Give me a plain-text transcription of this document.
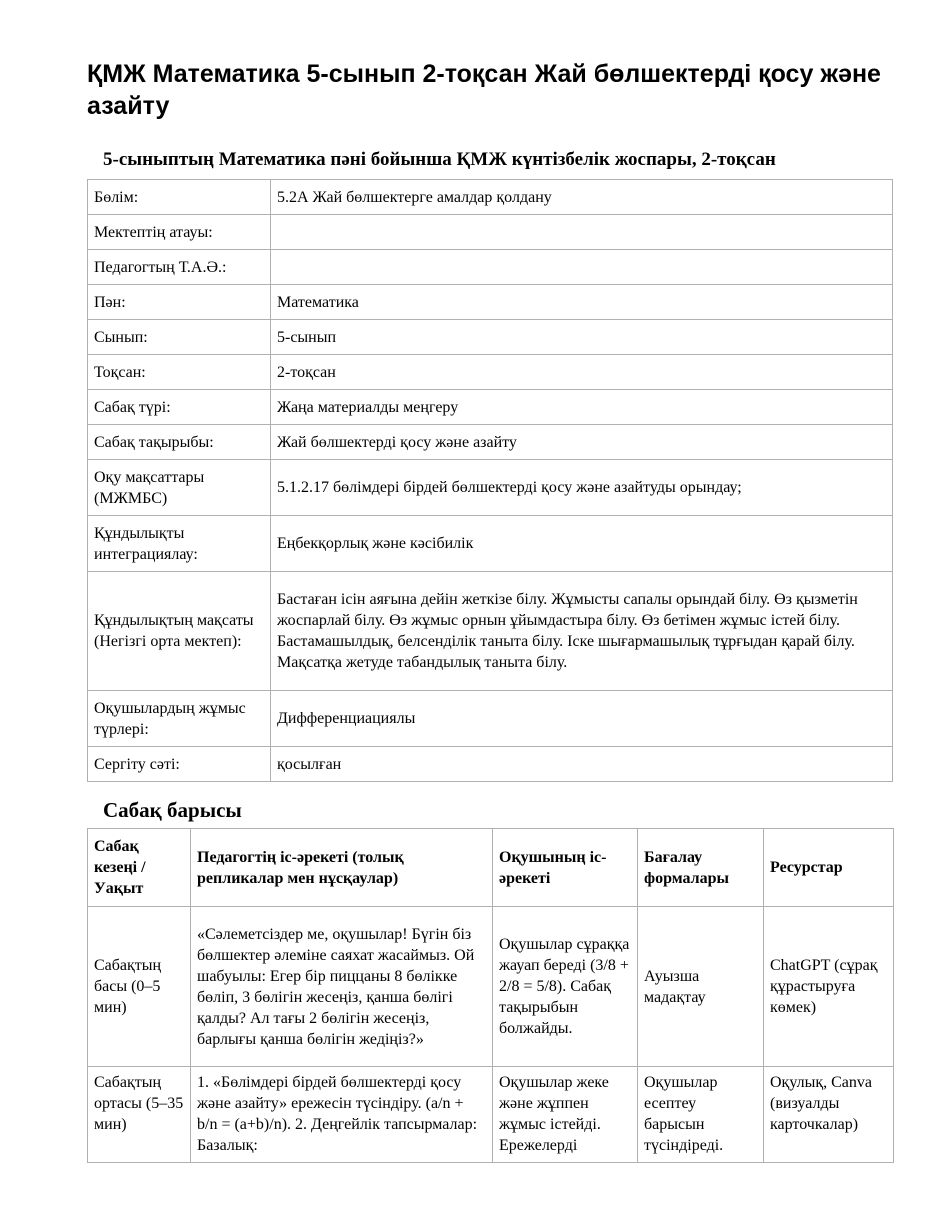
ҚМЖ Математика 5-сынып 2-тоқсан Жай бөлшектерді қосу және азайту

5-сыныптың Математика пәні бойынша ҚМЖ күнтізбелік жоспары, 2-тоқсан

Бөлім:	5.2А Жай бөлшектерге амалдар қолдану
Мектептің атауы:	
Педагогтың Т.А.Ә.:	
Пән:	Математика
Сынып:	5-сынып
Тоқсан:	2-тоқсан
Сабақ түрі:	Жаңа материалды меңгеру
Сабақ тақырыбы:	Жай бөлшектерді қосу және азайту
Оқу мақсаттары (МЖМБС)	5.1.2.17 бөлімдері бірдей бөлшектерді қосу және азайтуды орындау;
Құндылықты интеграциялау:	Еңбекқорлық және кәсібилік
Құндылықтың мақсаты (Негізгі орта мектеп):	Бастаған ісін аяғына дейін жеткізе білу. Жұмысты сапалы орындай білу. Өз қызметін жоспарлай білу. Өз жұмыс орнын ұйымдастыра білу. Өз бетімен жұмыс істей білу. Бастамашылдық, белсенділік таныта білу. Іске шығармашылық тұрғыдан қарай білу. Мақсатқа жетуде табандылық таныта білу.
Оқушылардың жұмыс түрлері:	Дифференциациялы
Сергіту сәті:	қосылған

Сабақ барысы

Сабақ кезеңі / Уақыт	Педагогтің іс-әрекеті (толық репликалар мен нұсқаулар)	Оқушының іс-әрекеті	Бағалау формалары	Ресурстар
Сабақтың басы (0–5 мин)	«Сәлеметсіздер ме, оқушылар! Бүгін біз бөлшектер әлеміне саяхат жасаймыз. Ой шабуылы: Егер бір пиццаны 8 бөлікке бөліп, 3 бөлігін жесеңіз, қанша бөлігі қалды? Ал тағы 2 бөлігін жесеңіз, барлығы қанша бөлігін жедіңіз?»	Оқушылар сұраққа жауап береді (3/8 + 2/8 = 5/8). Сабақ тақырыбын болжайды.	Ауызша мадақтау	ChatGPT (сұрақ құрастыруға көмек)
Сабақтың ортасы (5–35 мин)	1. «Бөлімдері бірдей бөлшектерді қосу және азайту» ережесін түсіндіру. (a/n + b/n = (a+b)/n). 2. Деңгейлік тапсырмалар: Базалық:	Оқушылар жеке және жұппен жұмыс істейді. Ережелерді	Оқушылар есептеу барысын түсіндіреді.	Оқулық, Canva (визуалды карточкалар)
